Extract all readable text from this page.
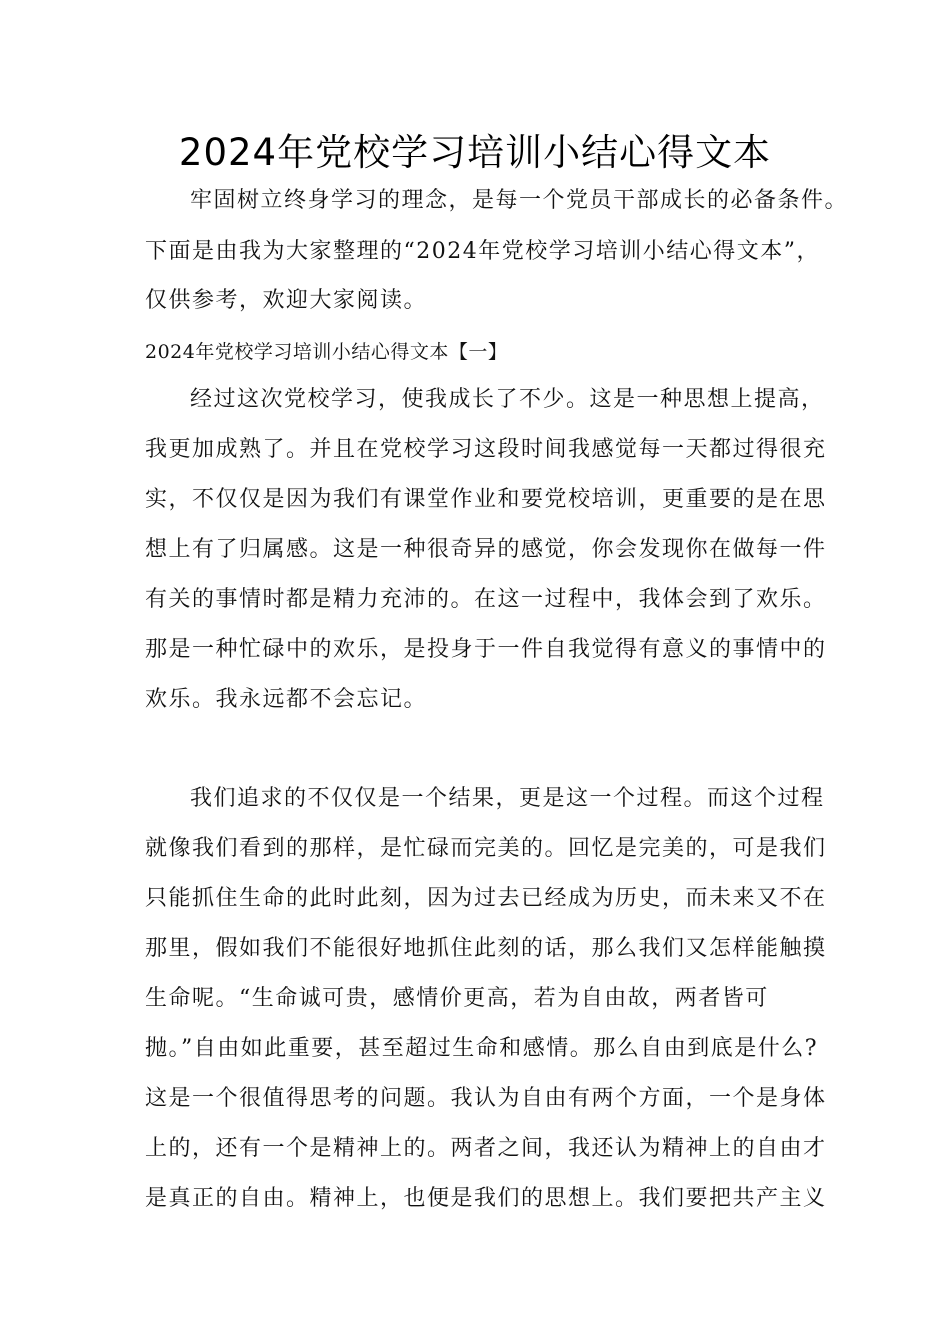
2024年党校学习培训小结心得文本
牢固树立终身学习的理念，是每一个党员干部成长的必备条件。
下面是由我为大家整理的“2024年党校学习培训小结心得文本”，
仅供参考，欢迎大家阅读。
2024年党校学习培训小结心得文本【一】
经过这次党校学习，使我成长了不少。这是一种思想上提高，
我更加成熟了。并且在党校学习这段时间我感觉每一天都过得很充
实，不仅仅是因为我们有课堂作业和要党校培训，更重要的是在思
想上有了归属感。这是一种很奇异的感觉，你会发现你在做每一件
有关的事情时都是精力充沛的。在这一过程中，我体会到了欢乐。
那是一种忙碌中的欢乐，是投身于一件自我觉得有意义的事情中的
欢乐。我永远都不会忘记。
我们追求的不仅仅是一个结果，更是这一个过程。而这个过程
就像我们看到的那样，是忙碌而完美的。回忆是完美的，可是我们
只能抓住生命的此时此刻，因为过去已经成为历史，而未来又不在
那里，假如我们不能很好地抓住此刻的话，那么我们又怎样能触摸
生命呢。“生命诚可贵，感情价更高，若为自由故，两者皆可
抛。”自由如此重要，甚至超过生命和感情。那么自由到底是什么?
这是一个很值得思考的问题。我认为自由有两个方面，一个是身体
上的，还有一个是精神上的。两者之间，我还认为精神上的自由才
是真正的自由。精神上，也便是我们的思想上。我们要把共产主义
